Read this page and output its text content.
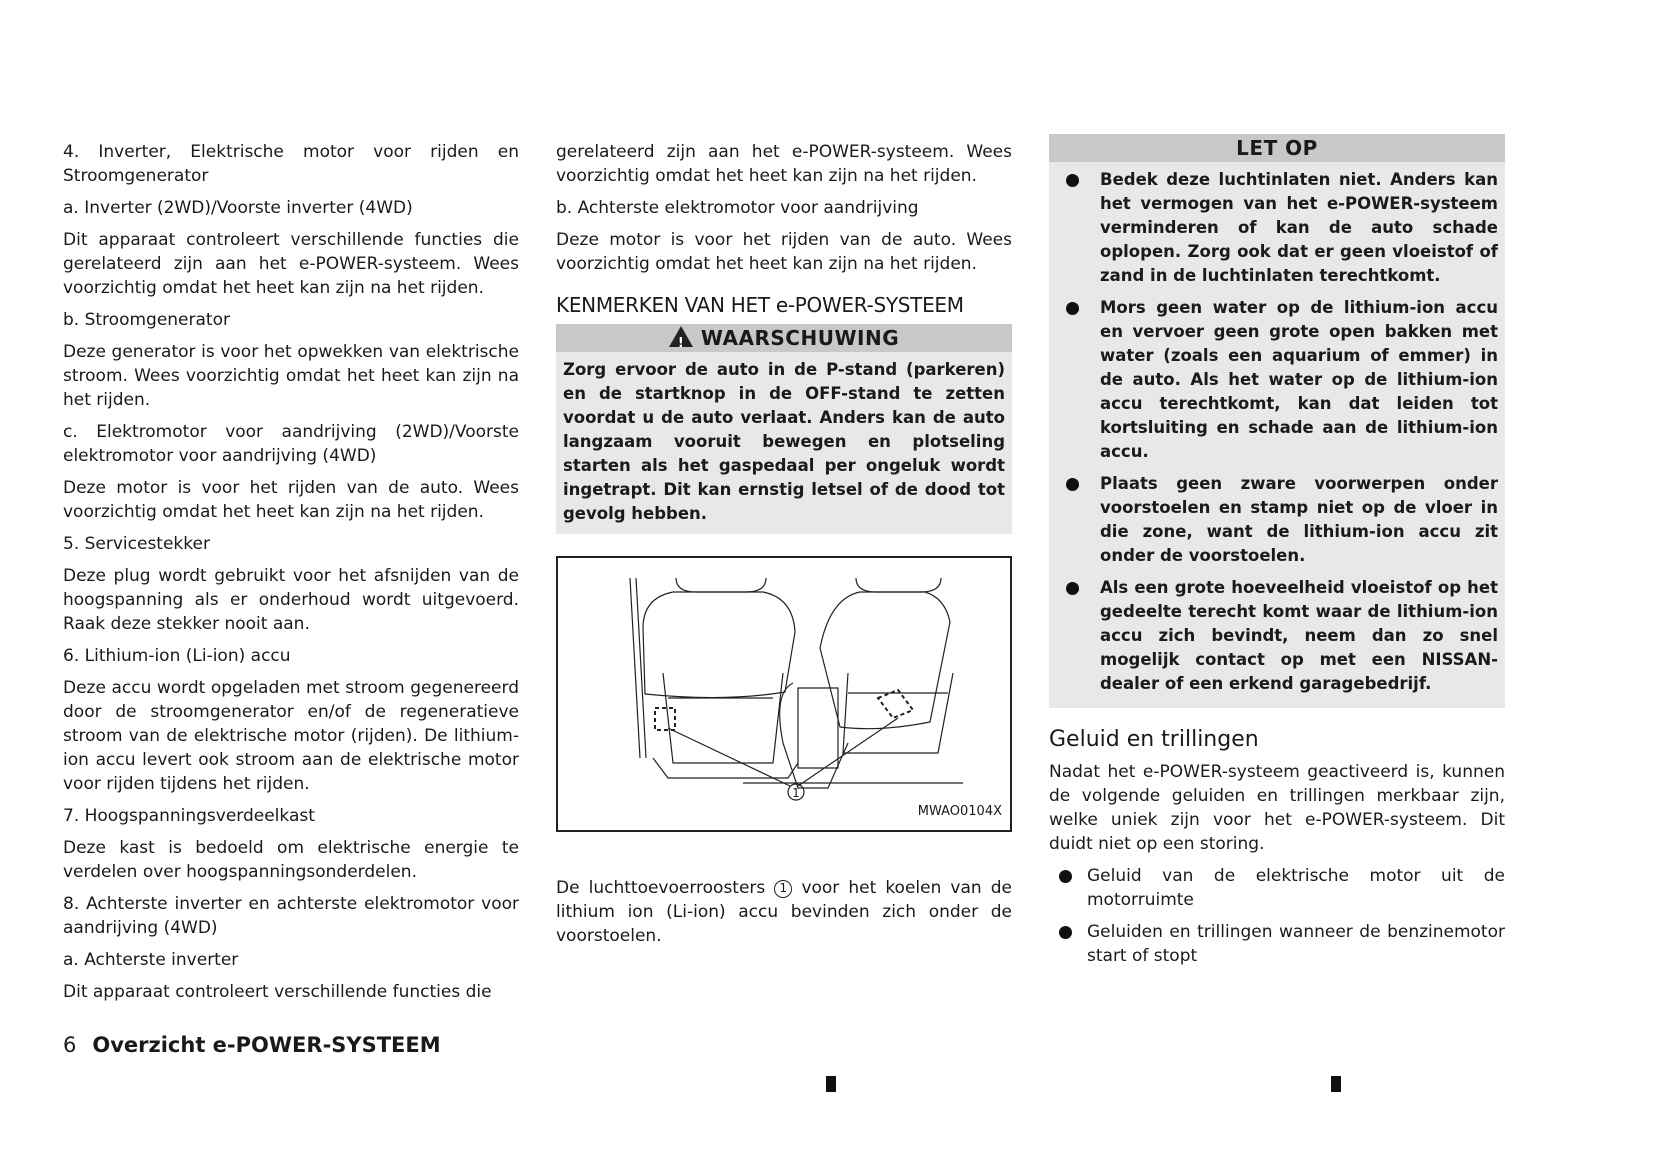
4. Inverter, Elektrische motor voor rijden en Stroomgenerator

a. Inverter (2WD)/Voorste inverter (4WD)

Dit apparaat controleert verschillende functies die gerelateerd zijn aan het e-POWER-systeem. Wees voorzichtig omdat het heet kan zijn na het rijden.

b. Stroomgenerator

Deze generator is voor het opwekken van elektrische stroom. Wees voorzichtig omdat het heet kan zijn na het rijden.

c. Elektromotor voor aandrijving (2WD)/Voorste elektromotor voor aandrijving (4WD)

Deze motor is voor het rijden van de auto. Wees voorzichtig omdat het heet kan zijn na het rijden.

5. Servicestekker

Deze plug wordt gebruikt voor het afsnijden van de hoogspanning als er onderhoud wordt uitgevoerd. Raak deze stekker nooit aan.

6. Lithium-ion (Li-ion) accu

Deze accu wordt opgeladen met stroom gegenereerd door de stroomgenerator en/of de regeneratieve stroom van de elektrische motor (rijden). De lithium-ion accu levert ook stroom aan de elektrische motor voor rijden tijdens het rijden.

7. Hoogspanningsverdeelkast

Deze kast is bedoeld om elektrische energie te verdelen over hoogspanningsonderdelen.

8. Achterste inverter en achterste elektromotor voor aandrijving (4WD)

a. Achterste inverter

Dit apparaat controleert verschillende functies die

gerelateerd zijn aan het e-POWER-systeem. Wees voorzichtig omdat het heet kan zijn na het rijden.

b. Achterste elektromotor voor aandrijving

Deze motor is voor het rijden van de auto. Wees voorzichtig omdat het heet kan zijn na het rijden.

KENMERKEN VAN HET e-POWER-SYSTEEM
!WAARSCHUWING
Zorg ervoor de auto in de P-stand (parkeren) en de startknop in de OFF-stand te zetten voordat u de auto verlaat. Anders kan de auto langzaam vooruit bewegen en plotseling starten als het gaspedaal per ongeluk wordt ingetrapt. Dit kan ernstig letsel of de dood tot gevolg hebben.
1
MWAO0104X

De luchttoevoerroosters 1 voor het koelen van de lithium ion (Li-ion) accu bevinden zich onder de voorstoelen.

LET OP
Bedek deze luchtinlaten niet. Anders kan het vermogen van het e-POWER-systeem verminderen of kan de auto schade oplopen. Zorg ook dat er geen vloeistof of zand in de luchtinlaten terechtkomt.
Mors geen water op de lithium-ion accu en vervoer geen grote open bakken met water (zoals een aquarium of emmer) in de auto. Als het water op de lithium-ion accu terechtkomt, kan dat leiden tot kortsluiting en schade aan de lithium-ion accu.
Plaats geen zware voorwerpen onder voorstoelen en stamp niet op de vloer in die zone, want de lithium-ion accu zit onder de voorstoelen.
Als een grote hoeveelheid vloeistof op het gedeelte terecht komt waar de lithium-ion accu zich bevindt, neem dan zo snel mogelijk contact op met een NISSAN-dealer of een erkend garagebedrijf.
Geluid en trillingen

Nadat het e-POWER-systeem geactiveerd is, kunnen de volgende geluiden en trillingen merkbaar zijn, welke uniek zijn voor het e-POWER-systeem. Dit duidt niet op een storing.

Geluid van de elektrische motor uit de motorruimte
Geluiden en trillingen wanneer de benzinemotor start of stopt
6 Overzicht e-POWER-SYSTEEM
